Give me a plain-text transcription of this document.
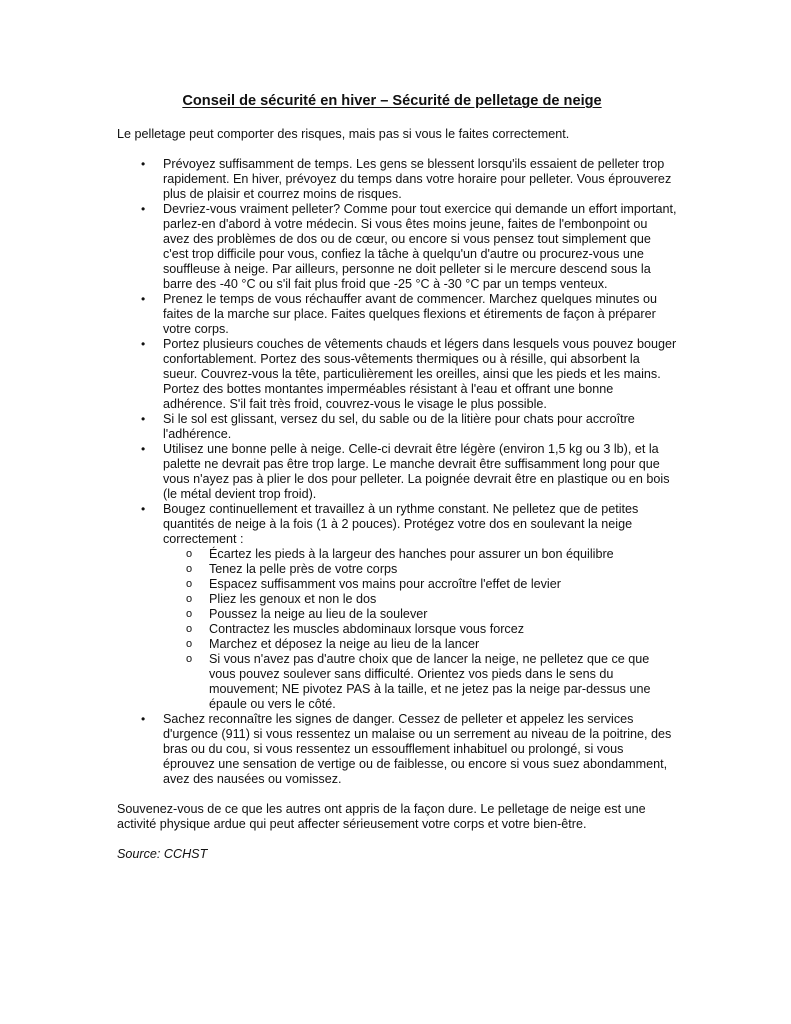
Conseil de sécurité en hiver – Sécurité de pelletage de neige

Le pelletage peut comporter des risques, mais pas si vous le faites correctement.

• Prévoyez suffisamment de temps. Les gens se blessent lorsqu'ils essaient de pelleter trop rapidement. En hiver, prévoyez du temps dans votre horaire pour pelleter. Vous éprouverez plus de plaisir et courrez moins de risques.
• Devriez-vous vraiment pelleter? Comme pour tout exercice qui demande un effort important, parlez-en d'abord à votre médecin. Si vous êtes moins jeune, faites de l'embonpoint ou avez des problèmes de dos ou de cœur, ou encore si vous pensez tout simplement que c'est trop difficile pour vous, confiez la tâche à quelqu'un d'autre ou procurez-vous une souffleuse à neige. Par ailleurs, personne ne doit pelleter si le mercure descend sous la barre des -40 °C ou s'il fait plus froid que -25 °C à -30 °C par un temps venteux.
• Prenez le temps de vous réchauffer avant de commencer. Marchez quelques minutes ou faites de la marche sur place. Faites quelques flexions et étirements de façon à préparer votre corps.
• Portez plusieurs couches de vêtements chauds et légers dans lesquels vous pouvez bouger confortablement. Portez des sous-vêtements thermiques ou à résille, qui absorbent la sueur. Couvrez-vous la tête, particulièrement les oreilles, ainsi que les pieds et les mains. Portez des bottes montantes imperméables résistant à l'eau et offrant une bonne adhérence. S'il fait très froid, couvrez-vous le visage le plus possible.
• Si le sol est glissant, versez du sel, du sable ou de la litière pour chats pour accroître l'adhérence.
• Utilisez une bonne pelle à neige. Celle-ci devrait être légère (environ 1,5 kg ou 3 lb), et la palette ne devrait pas être trop large. Le manche devrait être suffisamment long pour que vous n'ayez pas à plier le dos pour pelleter. La poignée devrait être en plastique ou en bois (le métal devient trop froid).
• Bougez continuellement et travaillez à un rythme constant. Ne pelletez que de petites quantités de neige à la fois (1 à 2 pouces). Protégez votre dos en soulevant la neige correctement :
o Écartez les pieds à la largeur des hanches pour assurer un bon équilibre
o Tenez la pelle près de votre corps
o Espacez suffisamment vos mains pour accroître l'effet de levier
o Pliez les genoux et non le dos
o Poussez la neige au lieu de la soulever
o Contractez les muscles abdominaux lorsque vous forcez
o Marchez et déposez la neige au lieu de la lancer
o Si vous n'avez pas d'autre choix que de lancer la neige, ne pelletez que ce que vous pouvez soulever sans difficulté. Orientez vos pieds dans le sens du mouvement; NE pivotez PAS à la taille, et ne jetez pas la neige par-dessus une épaule ou vers le côté.
• Sachez reconnaître les signes de danger. Cessez de pelleter et appelez les services d'urgence (911) si vous ressentez un malaise ou un serrement au niveau de la poitrine, des bras ou du cou, si vous ressentez un essoufflement inhabituel ou prolongé, si vous éprouvez une sensation de vertige ou de faiblesse, ou encore si vous suez abondamment, avez des nausées ou vomissez.

Souvenez-vous de ce que les autres ont appris de la façon dure. Le pelletage de neige est une activité physique ardue qui peut affecter sérieusement votre corps et votre bien-être.

Source: CCHST
